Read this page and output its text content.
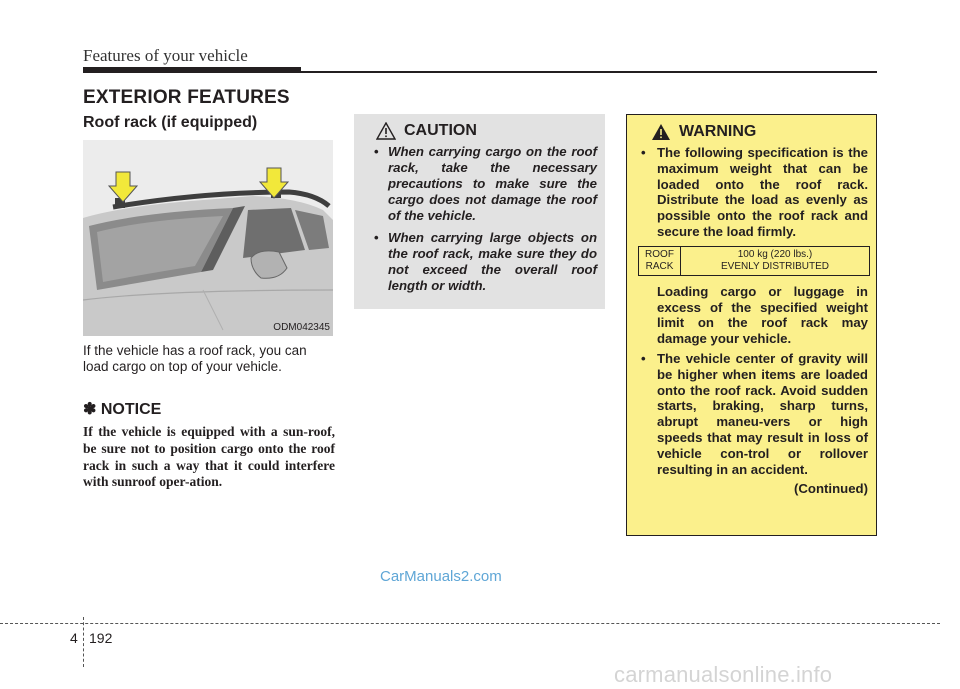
Features of your vehicle
EXTERIOR FEATURES
Roof rack (if equipped)
ODM042345
If the vehicle has a roof rack, you can load cargo on top of your vehicle.
✽ NOTICE
If the vehicle is equipped with a sun-roof, be sure not to position cargo onto the roof rack in such a way that it could interfere with sunroof oper-ation.
CAUTION
• When carrying cargo on the roof rack, take the necessary precautions to make sure the cargo does not damage the roof of the vehicle.
• When carrying large objects on the roof rack, make sure they do not exceed the overall roof length or width.
WARNING
• The following specification is the maximum weight that can be loaded onto the roof rack. Distribute the load as evenly as possible onto the roof rack and secure the load firmly.
ROOF
RACK	100 kg (220 lbs.)
EVENLY DISTRIBUTED

Loading cargo or luggage in excess of the specified weight limit on the roof rack may damage your vehicle.

• The vehicle center of gravity will be higher when items are loaded onto the roof rack. Avoid sudden starts, braking, sharp turns, abrupt maneu-vers or high speeds that may result in loss of vehicle con-trol or rollover resulting in an accident.
(Continued)
CarManuals2.com
4 192
carmanualsonline.info
